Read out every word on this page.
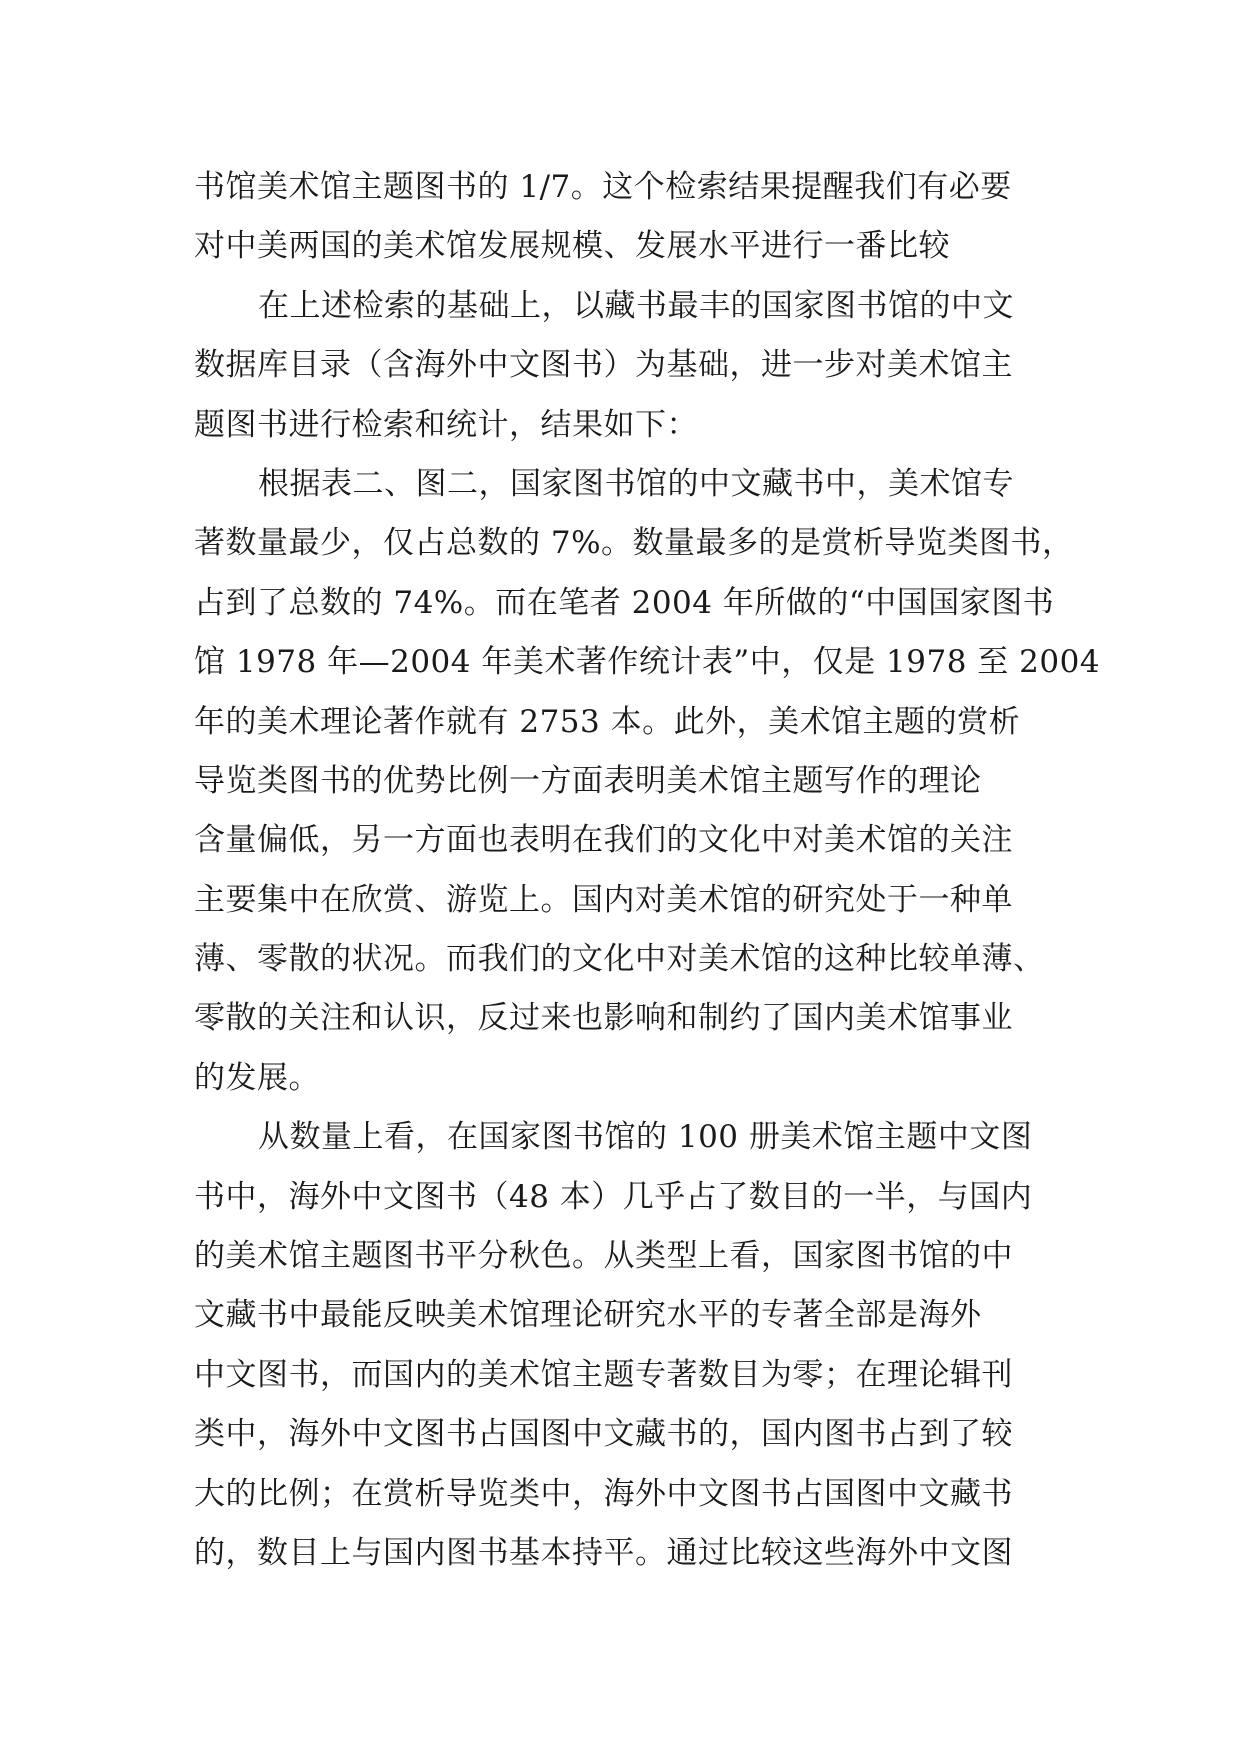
书馆美术馆主题图书的 1/7。这个检索结果提醒我们有必要
对中美两国的美术馆发展规模、发展水平进行一番比较
在上述检索的基础上，以藏书最丰的国家图书馆的中文
数据库目录（含海外中文图书）为基础，进一步对美术馆主
题图书进行检索和统计，结果如下：
根据表二、图二，国家图书馆的中文藏书中，美术馆专
著数量最少，仅占总数的 7%。数量最多的是赏析导览类图书，
占到了总数的 74%。而在笔者 2004 年所做的“中国国家图书
馆 1978 年—2004 年美术著作统计表”中，仅是 1978 至 2004
年的美术理论著作就有 2753 本。此外，美术馆主题的赏析
导览类图书的优势比例一方面表明美术馆主题写作的理论
含量偏低，另一方面也表明在我们的文化中对美术馆的关注
主要集中在欣赏、游览上。国内对美术馆的研究处于一种单
薄、零散的状况。而我们的文化中对美术馆的这种比较单薄、
零散的关注和认识，反过来也影响和制约了国内美术馆事业
的发展。
从数量上看，在国家图书馆的 100 册美术馆主题中文图
书中，海外中文图书（48 本）几乎占了数目的一半，与国内
的美术馆主题图书平分秋色。从类型上看，国家图书馆的中
文藏书中最能反映美术馆理论研究水平的专著全部是海外
中文图书，而国内的美术馆主题专著数目为零；在理论辑刊
类中，海外中文图书占国图中文藏书的，国内图书占到了较
大的比例；在赏析导览类中，海外中文图书占国图中文藏书
的，数目上与国内图书基本持平。通过比较这些海外中文图
